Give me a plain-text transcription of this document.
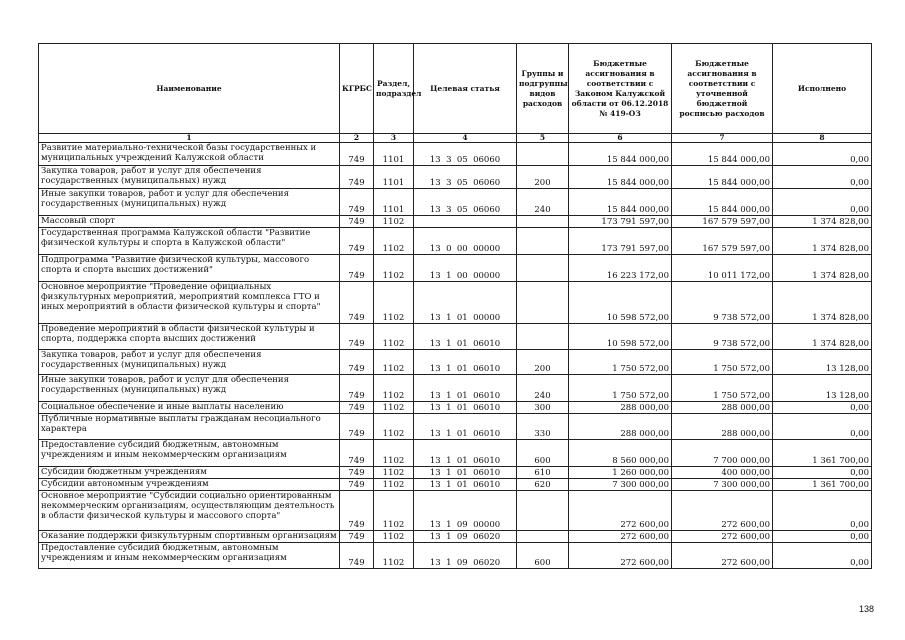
Наименование	КГРБС	Раздел, подраздел	Целевая статья	Группы и подгруппы видов расходов	Бюджетные ассигнования в соответствии с Законом Калужской области от 06.12.2018 № 419-ОЗ	Бюджетные ассигнования в соответствии с уточненной бюджетной росписью расходов	Исполнено
1	2	3	4	5	6	7	8
Развитие материально-технической базы государственных и муниципальных учреждений Калужской области	749	1101	13  3  05  06060		15 844 000,00	15 844 000,00	0,00
Закупка товаров, работ и услуг для обеспечения государственных (муниципальных) нужд	749	1101	13  3  05  06060	200	15 844 000,00	15 844 000,00	0,00
Иные закупки товаров, работ и услуг для обеспечения государственных (муниципальных) нужд	749	1101	13  3  05  06060	240	15 844 000,00	15 844 000,00	0,00
Массовый спорт	749	1102			173 791 597,00	167 579 597,00	1 374 828,00
Государственная программа Калужской области "Развитие физической культуры и спорта в Калужской области"	749	1102	13  0  00  00000		173 791 597,00	167 579 597,00	1 374 828,00
Подпрограмма "Развитие физической культуры, массового спорта и спорта высших достижений"	749	1102	13  1  00  00000		16 223 172,00	10 011 172,00	1 374 828,00
Основное мероприятие "Проведение официальных физкультурных мероприятий, мероприятий комплекса ГТО и иных мероприятий в области физической культуры и спорта"	749	1102	13  1  01  00000		10 598 572,00	9 738 572,00	1 374 828,00
Проведение мероприятий в области физической культуры и спорта, поддержка спорта высших достижений	749	1102	13  1  01  06010		10 598 572,00	9 738 572,00	1 374 828,00
Закупка товаров, работ и услуг для обеспечения государственных (муниципальных) нужд	749	1102	13  1  01  06010	200	1 750 572,00	1 750 572,00	13 128,00
Иные закупки товаров, работ и услуг для обеспечения государственных (муниципальных) нужд	749	1102	13  1  01  06010	240	1 750 572,00	1 750 572,00	13 128,00
Социальное обеспечение и иные выплаты населению	749	1102	13  1  01  06010	300	288 000,00	288 000,00	0,00
Публичные нормативные выплаты гражданам несоциального характера	749	1102	13  1  01  06010	330	288 000,00	288 000,00	0,00
Предоставление субсидий бюджетным, автономным учреждениям и иным некоммерческим организациям	749	1102	13  1  01  06010	600	8 560 000,00	7 700 000,00	1 361 700,00
Субсидии бюджетным учреждениям	749	1102	13  1  01  06010	610	1 260 000,00	400 000,00	0,00
Субсидии автономным учреждениям	749	1102	13  1  01  06010	620	7 300 000,00	7 300 000,00	1 361 700,00
Основное мероприятие "Субсидии социально ориентированным некоммерческим организациям, осуществляющим деятельность в области физической культуры и массового спорта"	749	1102	13  1  09  00000		272 600,00	272 600,00	0,00
Оказание поддержки физкультурным спортивным организациям	749	1102	13  1  09  06020		272 600,00	272 600,00	0,00
Предоставление субсидий бюджетным, автономным учреждениям и иным некоммерческим организациям	749	1102	13  1  09  06020	600	272 600,00	272 600,00	0,00
138
